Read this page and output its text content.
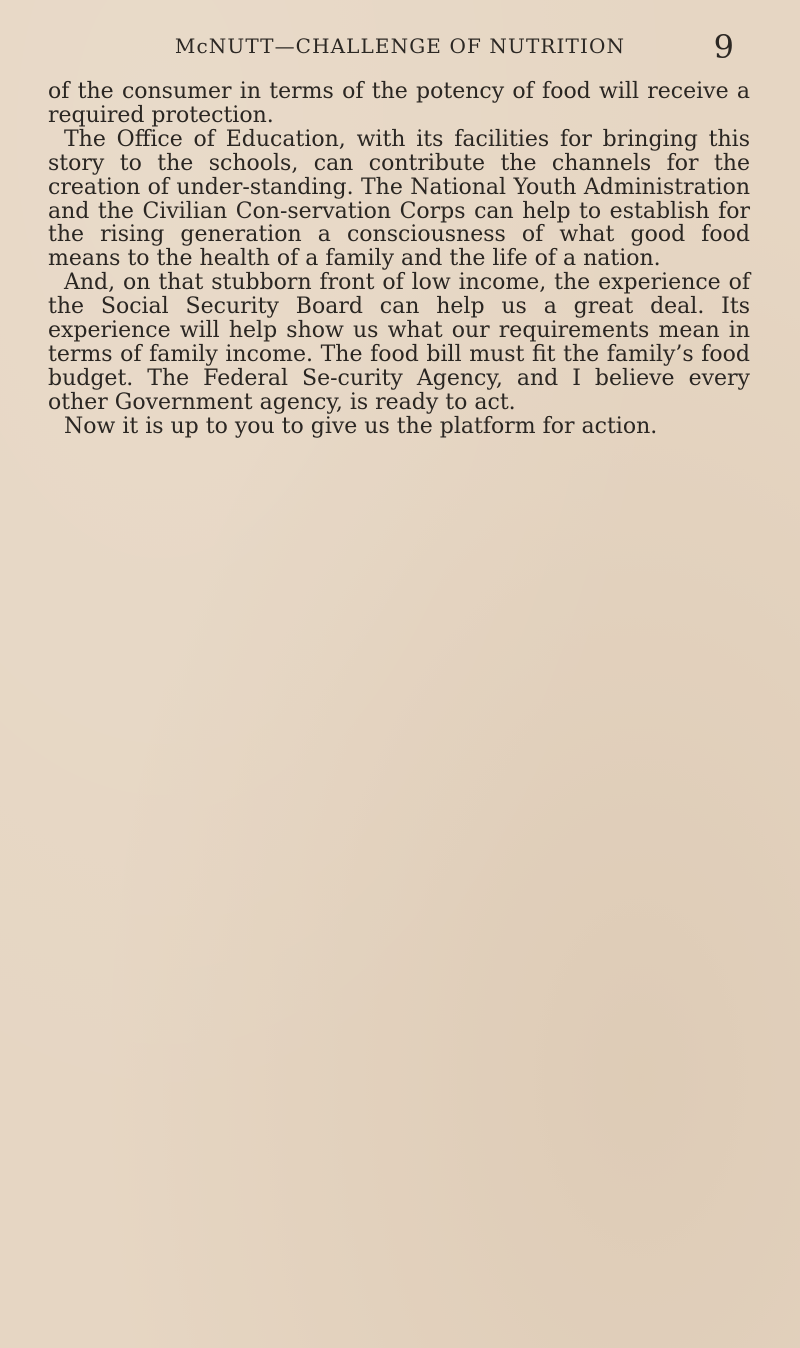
McNUTT—CHALLENGE OF NUTRITION	9

of the consumer in terms of the potency of food will receive a required protection.

The Office of Education, with its facilities for bringing this story to the schools, can contribute the channels for the creation of under-standing. The National Youth Administration and the Civilian Con-servation Corps can help to establish for the rising generation a consciousness of what good food means to the health of a family and the life of a nation.

And, on that stubborn front of low income, the experience of the Social Security Board can help us a great deal. Its experience will help show us what our requirements mean in terms of family income. The food bill must fit the family’s food budget. The Federal Se-curity Agency, and I believe every other Government agency, is ready to act.

Now it is up to you to give us the platform for action.
